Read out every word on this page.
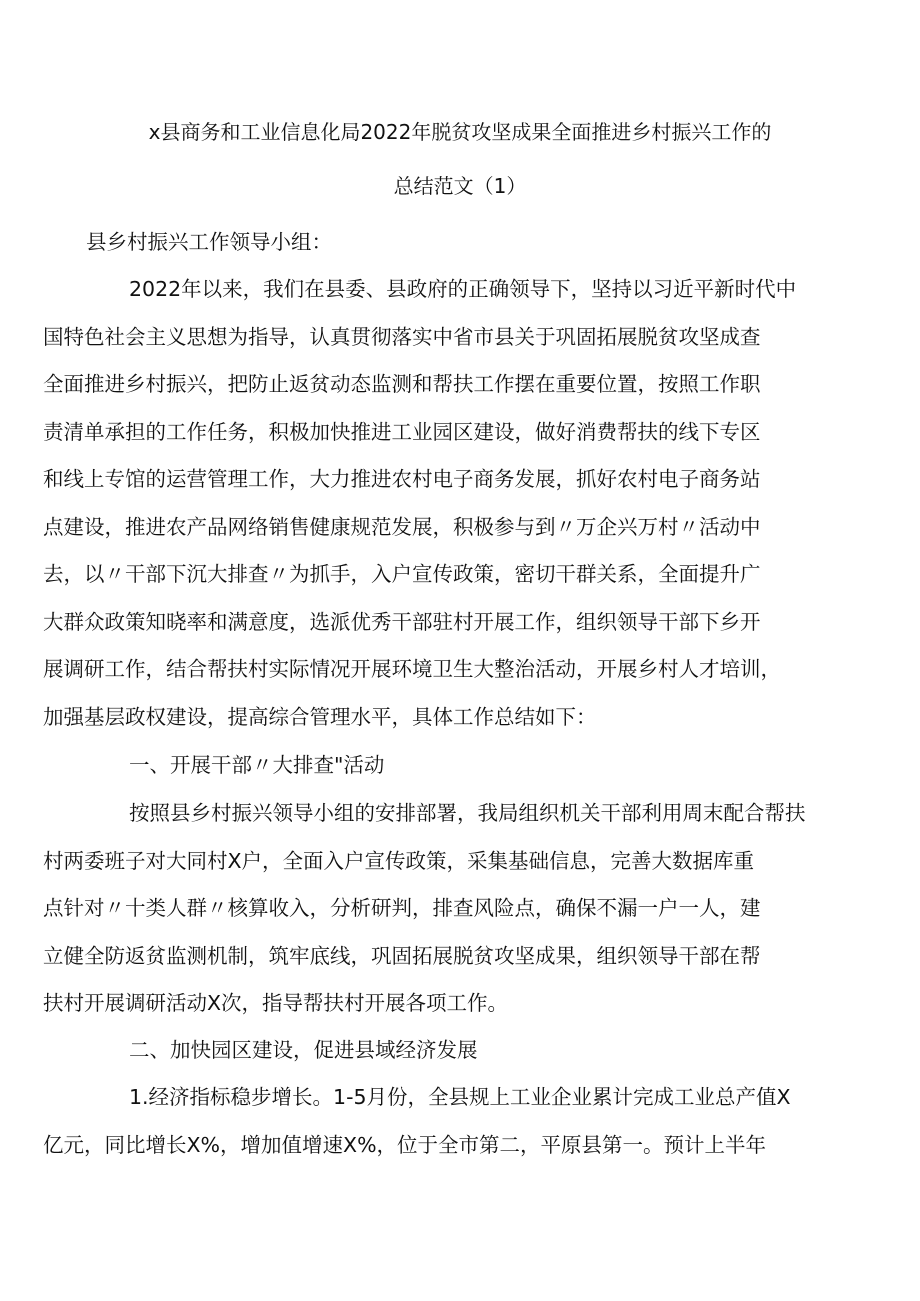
x县商务和工业信息化局2022年脱贫攻坚成果全面推进乡村振兴工作的
总结范文（1）
县乡村振兴工作领导小组：
2022年以来，我们在县委、县政府的正确领导下，坚持以习近平新时代中
国特色社会主义思想为指导，认真贯彻落实中省市县关于巩固拓展脱贫攻坚成查
全面推进乡村振兴，把防止返贫动态监测和帮扶工作摆在重要位置，按照工作职
责清单承担的工作任务，积极加快推进工业园区建设，做好消费帮扶的线下专区
和线上专馆的运营管理工作，大力推进农村电子商务发展，抓好农村电子商务站
点建设，推进农产品网络销售健康规范发展，积极参与到〃万企兴万村〃活动中
去，以〃干部下沉大排查〃为抓手，入户宣传政策，密切干群关系，全面提升广
大群众政策知晓率和满意度，选派优秀干部驻村开展工作，组织领导干部下乡开
展调研工作，结合帮扶村实际情况开展环境卫生大整治活动，开展乡村人才培训，
加强基层政权建设，提高综合管理水平，具体工作总结如下：
一、开展干部〃大排查"活动
按照县乡村振兴领导小组的安排部署，我局组织机关干部利用周末配合帮扶
村两委班子对大同村X户，全面入户宣传政策，采集基础信息，完善大数据库重
点针对〃十类人群〃核算收入，分析研判，排查风险点，确保不漏一户一人，建
立健全防返贫监测机制，筑牢底线，巩固拓展脱贫攻坚成果，组织领导干部在帮
扶村开展调研活动X次，指导帮扶村开展各项工作。
二、加快园区建设，促进县域经济发展
1.经济指标稳步增长。1-5月份，全县规上工业企业累计完成工业总产值X
亿元，同比增长X%，增加值增速X%，位于全市第二，平原县第一。预计上半年
